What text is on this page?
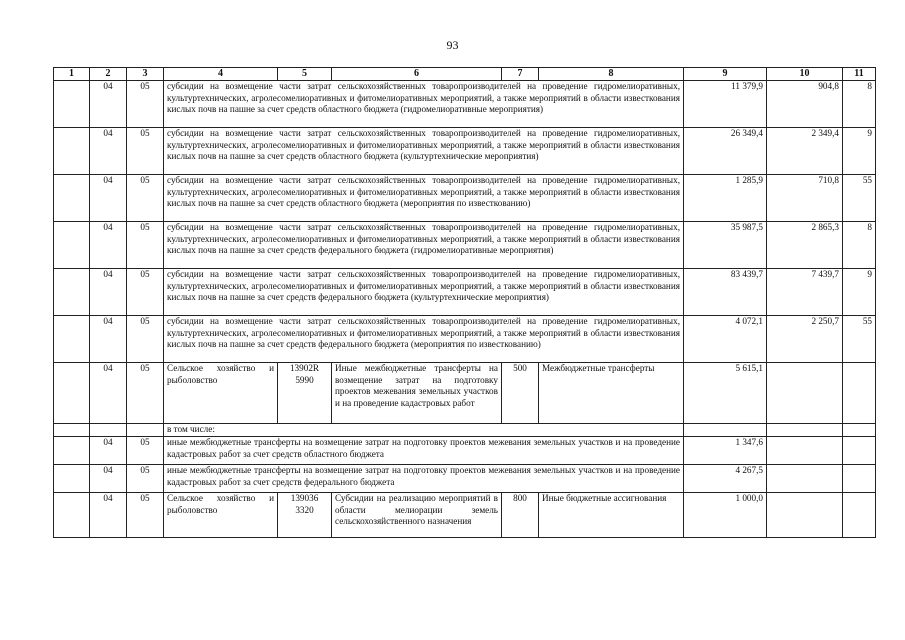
93
1	2	3	4	5	6	7	8	9	10	11
	04	05	субсидии на возмещение части затрат сельскохозяйственных товаропроизводителей на проведение гидромелиоративных, культуртехнических, агролесомелиоративных и фитомелиоративных мероприятий, а также мероприятий в области известкования кислых почв на пашне за счет средств областного бюджета (гидромелиоративные мероприятия)					11 379,9	904,8	8
	04	05	субсидии на возмещение части затрат сельскохозяйственных товаропроизводителей на проведение гидромелиоративных, культуртехнических, агролесомелиоративных и фитомелиоративных мероприятий, а также мероприятий в области известкования кислых почв на пашне за счет средств областного бюджета (культуртехнические мероприятия)					26 349,4	2 349,4	9
	04	05	субсидии на возмещение части затрат сельскохозяйственных товаропроизводителей на проведение гидромелиоративных, культуртехнических, агролесомелиоративных и фитомелиоративных мероприятий, а также мероприятий в области известкования кислых почв на пашне за счет средств областного бюджета (мероприятия по известкованию)					1 285,9	710,8	55
	04	05	субсидии на возмещение части затрат сельскохозяйственных товаропроизводителей на проведение гидромелиоративных, культуртехнических, агролесомелиоративных и фитомелиоративных мероприятий, а также мероприятий в области известкования кислых почв на пашне за счет средств федерального бюджета (гидромелиоративные мероприятия)					35 987,5	2 865,3	8
	04	05	субсидии на возмещение части затрат сельскохозяйственных товаропроизводителей на проведение гидромелиоративных, культуртехнических, агролесомелиоративных и фитомелиоративных мероприятий, а также мероприятий в области известкования кислых почв на пашне за счет средств федерального бюджета (культуртехнические мероприятия)					83 439,7	7 439,7	9
	04	05	субсидии на возмещение части затрат сельскохозяйственных товаропроизводителей на проведение гидромелиоративных, культуртехнических, агролесомелиоративных и фитомелиоративных мероприятий, а также мероприятий в области известкования кислых почв на пашне за счет средств федерального бюджета (мероприятия по известкованию)					4 072,1	2 250,7	55
	04	05	Сельское хозяйство и рыболовство	13902R 5990	Иные межбюджетные трансферты на возмещение затрат на подготовку проектов межевания земельных участков и на проведение кадастровых работ	500	Межбюджетные трансферты	5 615,1		
			в том числе:							
	04	05	иные межбюджетные трансферты на возмещение затрат на подготовку проектов межевания земельных участков и на проведение кадастровых работ за счет средств областного бюджета					1 347,6		
	04	05	иные межбюджетные трансферты на возмещение затрат на подготовку проектов межевания земельных участков и на проведение кадастровых работ за счет средств федерального бюджета					4 267,5		
	04	05	Сельское хозяйство и рыболовство	139036 3320	Субсидии на реализацию мероприятий в области мелиорации земель сельскохозяйственного назначения	800	Иные бюджетные ассигнования	1 000,0		
